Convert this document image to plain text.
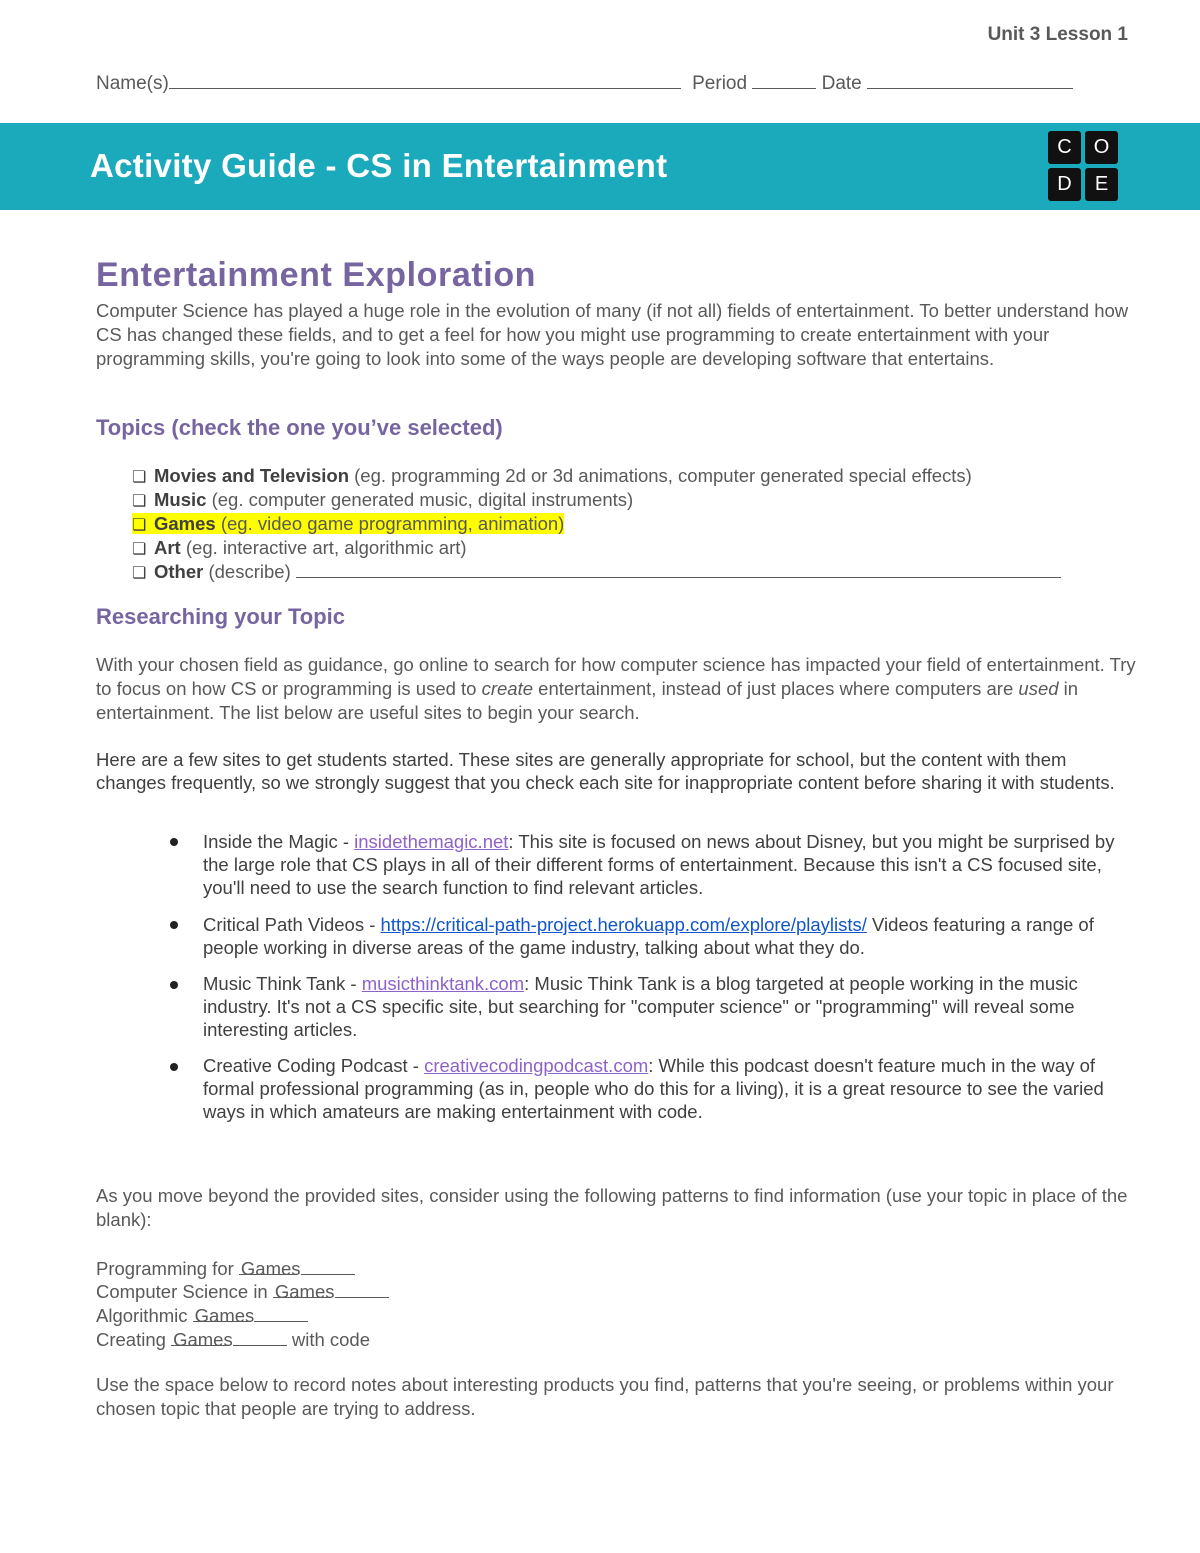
Unit 3 Lesson 1
Name(s)	Period	Date
Activity Guide - CS in Entertainment	C	O
D	E
Entertainment Exploration

Computer Science has played a huge role in the evolution of many (if not all) fields of entertainment. To better understand how CS has changed these fields, and to get a feel for how you might use programming to create entertainment with your programming skills, you're going to look into some of the ways people are developing software that entertains.

Topics (check the one you’ve selected)
❏ Movies and Television (eg. programming 2d or 3d animations, computer generated special effects)
❏ Music (eg. computer generated music, digital instruments)
❏ Games (eg. video game programming, animation)
❏ Art (eg. interactive art, algorithmic art)
❏ Other (describe)
Researching your Topic

With your chosen field as guidance, go online to search for how computer science has impacted your field of entertainment. Try to focus on how CS or programming is used to create entertainment, instead of just places where computers are used in entertainment. The list below are useful sites to begin your search.

Here are a few sites to get students started. These sites are generally appropriate for school, but the content with them changes frequently, so we strongly suggest that you check each site for inappropriate content before sharing it with students.

Inside the Magic - insidethemagic.net: This site is focused on news about Disney, but you might be surprised by the large role that CS plays in all of their different forms of entertainment. Because this isn't a CS focused site, you'll need to use the search function to find relevant articles.

Critical Path Videos - https://critical-path-project.herokuapp.com/explore/playlists/ Videos featuring a range of people working in diverse areas of the game industry, talking about what they do.

Music Think Tank - musicthinktank.com: Music Think Tank is a blog targeted at people working in the music industry. It's not a CS specific site, but searching for "computer science" or "programming" will reveal some interesting articles.

Creative Coding Podcast - creativecodingpodcast.com: While this podcast doesn't feature much in the way of formal professional programming (as in, people who do this for a living), it is a great resource to see the varied ways in which amateurs are making entertainment with code.

As you move beyond the provided sites, consider using the following patterns to find information (use your topic in place of the blank):

Programming for Games
Computer Science in Games
Algorithmic Games
Creating Games	with code

Use the space below to record notes about interesting products you find, patterns that you're seeing, or problems within your chosen topic that people are trying to address.
